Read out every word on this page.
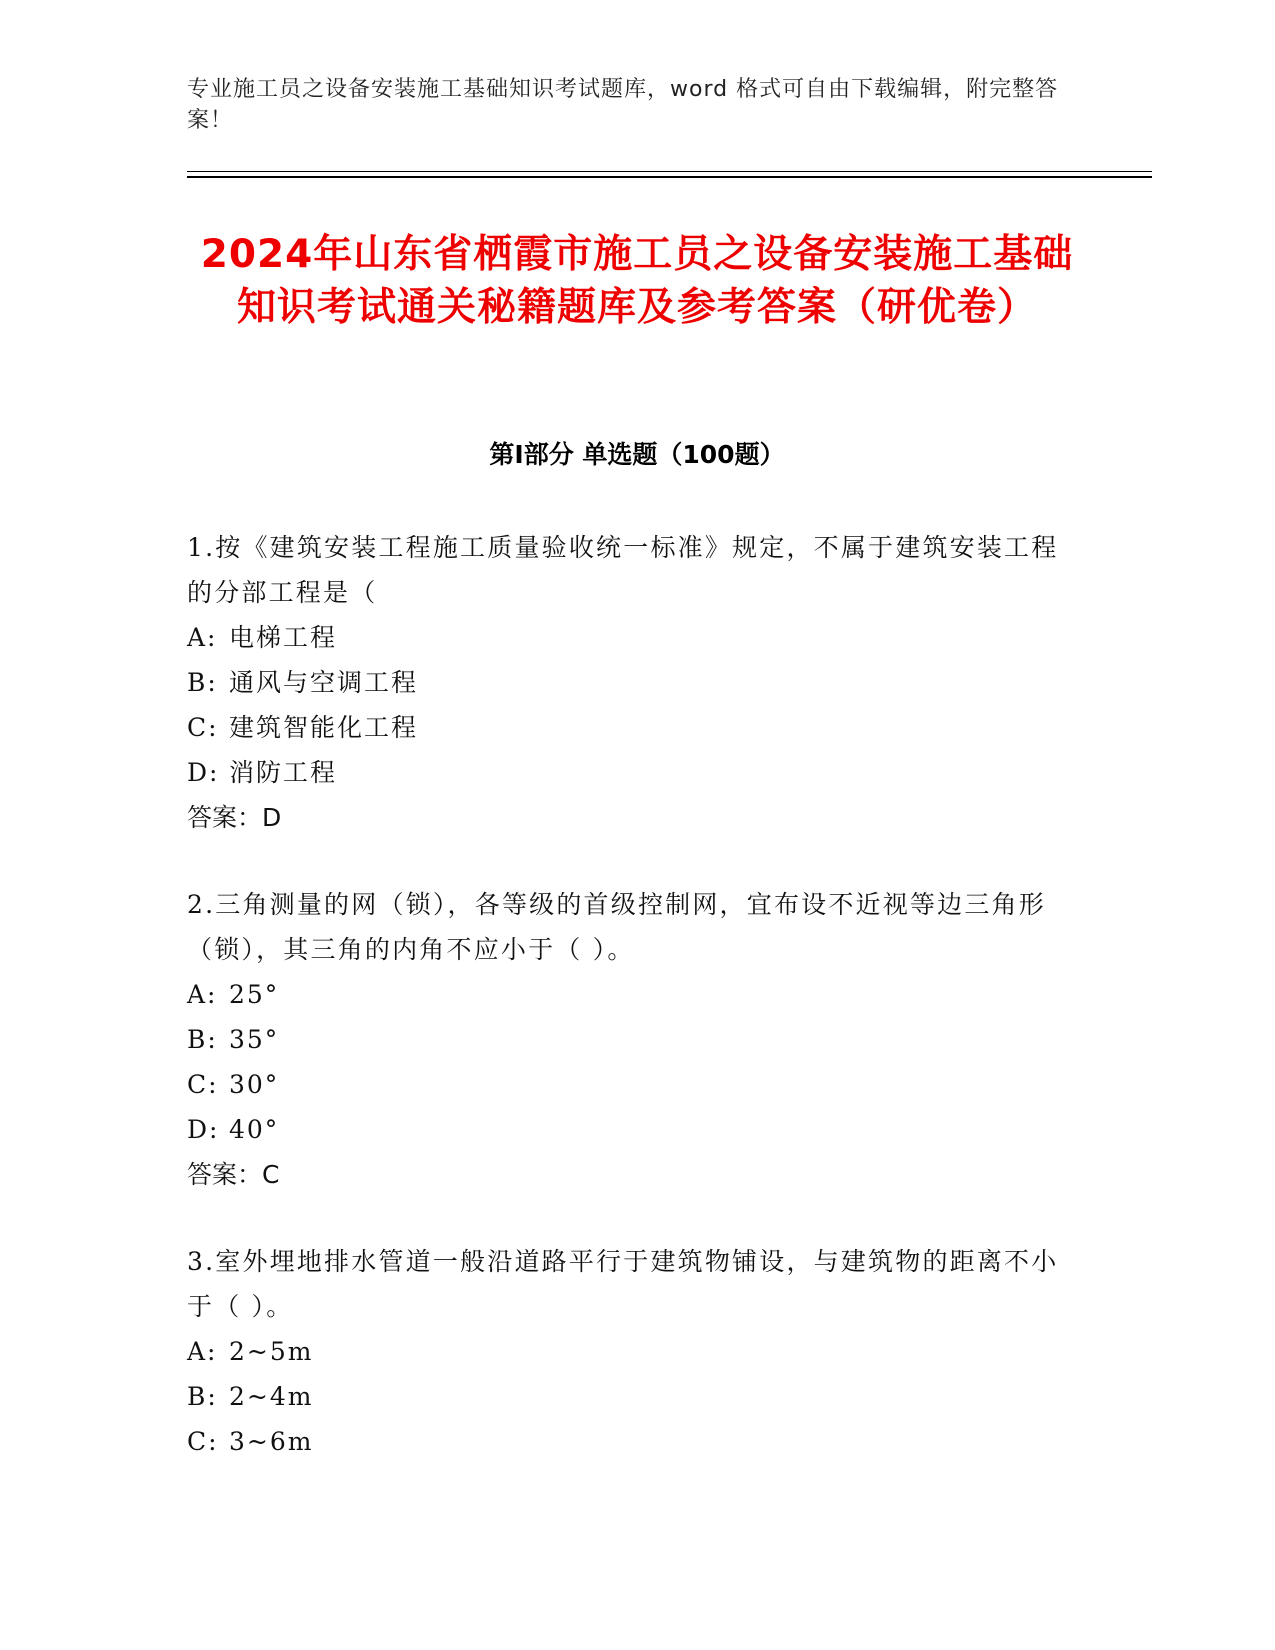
专业施工员之设备安装施工基础知识考试题库，word 格式可自由下载编辑，附完整答案！
2024年山东省栖霞市施工员之设备安装施工基础知识考试通关秘籍题库及参考答案（研优卷）
第I部分 单选题（100题）

1.按《建筑安装工程施工质量验收统一标准》规定，不属于建筑安装工程的分部工程是（

A: 电梯工程

B: 通风与空调工程

C: 建筑智能化工程

D: 消防工程

答案：D

2.三角测量的网（锁），各等级的首级控制网，宜布设不近视等边三角形（锁），其三角的内角不应小于（ ）。

A: 25°

B: 35°

C: 30°

D: 40°

答案：C

3.室外埋地排水管道一般沿道路平行于建筑物铺设，与建筑物的距离不小于（ ）。

A: 2~5m

B: 2~4m

C: 3~6m
